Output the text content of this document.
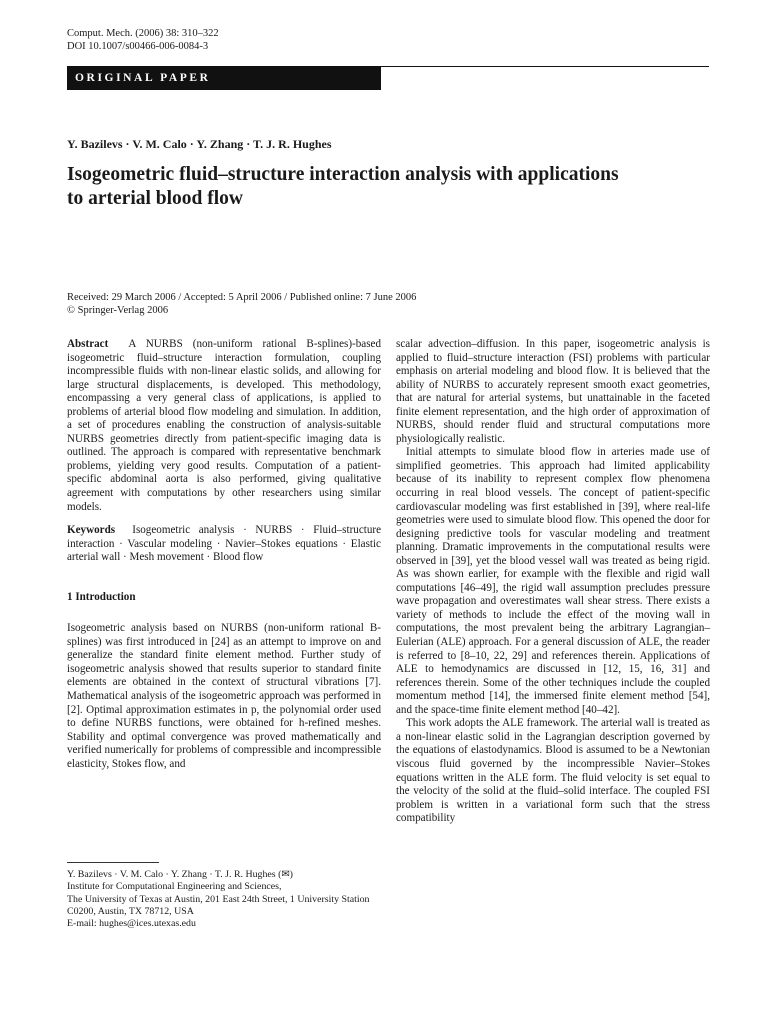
Comput. Mech. (2006) 38: 310–322
DOI 10.1007/s00466-006-0084-3
ORIGINAL PAPER
Y. Bazilevs · V. M. Calo · Y. Zhang · T. J. R. Hughes
Isogeometric fluid–structure interaction analysis with applications
to arterial blood flow
Received: 29 March 2006 / Accepted: 5 April 2006 / Published online: 7 June 2006
© Springer-Verlag 2006

Abstract A NURBS (non-uniform rational B-splines)-based isogeometric fluid–structure interaction formulation, coupling incompressible fluids with non-linear elastic solids, and allowing for large structural displacements, is developed. This methodology, encompassing a very general class of applications, is applied to problems of arterial blood flow modeling and simulation. In addition, a set of procedures enabling the construction of analysis-suitable NURBS geometries directly from patient-specific imaging data is outlined. The approach is compared with representative benchmark problems, yielding very good results. Computation of a patient-specific abdominal aorta is also performed, giving qualitative agreement with computations by other researchers using similar models.

Keywords Isogeometric analysis · NURBS · Fluid–structure interaction · Vascular modeling · Navier–Stokes equations · Elastic arterial wall · Mesh movement · Blood flow

1 Introduction

Isogeometric analysis based on NURBS (non-uniform rational B-splines) was first introduced in [24] as an attempt to improve on and generalize the standard finite element method. Further study of isogeometric analysis showed that results superior to standard finite elements are obtained in the context of structural vibrations [7]. Mathematical analysis of the isogeometric approach was performed in [2]. Optimal approximation estimates in p, the polynomial order used to define NURBS functions, were obtained for h-refined meshes. Stability and optimal convergence was proved mathematically and verified numerically for problems of compressible and incompressible elasticity, Stokes flow, and

Y. Bazilevs · V. M. Calo · Y. Zhang · T. J. R. Hughes (✉)
Institute for Computational Engineering and Sciences,
The University of Texas at Austin, 201 East 24th Street, 1 University Station C0200, Austin, TX 78712, USA
E-mail: hughes@ices.utexas.edu

scalar advection–diffusion. In this paper, isogeometric analysis is applied to fluid–structure interaction (FSI) problems with particular emphasis on arterial modeling and blood flow. It is believed that the ability of NURBS to accurately represent smooth exact geometries, that are natural for arterial systems, but unattainable in the faceted finite element representation, and the high order of approximation of NURBS, should render fluid and structural computations more physiologically realistic.

Initial attempts to simulate blood flow in arteries made use of simplified geometries. This approach had limited applicability because of its inability to represent complex flow phenomena occurring in real blood vessels. The concept of patient-specific cardiovascular modeling was first established in [39], where real-life geometries were used to simulate blood flow. This opened the door for designing predictive tools for vascular modeling and treatment planning. Dramatic improvements in the computational results were observed in [39], yet the blood vessel wall was treated as being rigid. As was shown earlier, for example with the flexible and rigid wall computations [46–49], the rigid wall assumption precludes pressure wave propagation and overestimates wall shear stress. There exists a variety of methods to include the effect of the moving wall in computations, the most prevalent being the arbitrary Lagrangian–Eulerian (ALE) approach. For a general discussion of ALE, the reader is referred to [8–10, 22, 29] and references therein. Applications of ALE to hemodynamics are discussed in [12, 15, 16, 31] and references therein. Some of the other techniques include the coupled momentum method [14], the immersed finite element method [54], and the space-time finite element method [40–42].

This work adopts the ALE framework. The arterial wall is treated as a non-linear elastic solid in the Lagrangian description governed by the equations of elastodynamics. Blood is assumed to be a Newtonian viscous fluid governed by the incompressible Navier–Stokes equations written in the ALE form. The fluid velocity is set equal to the velocity of the solid at the fluid–solid interface. The coupled FSI problem is written in a variational form such that the stress compatibility
